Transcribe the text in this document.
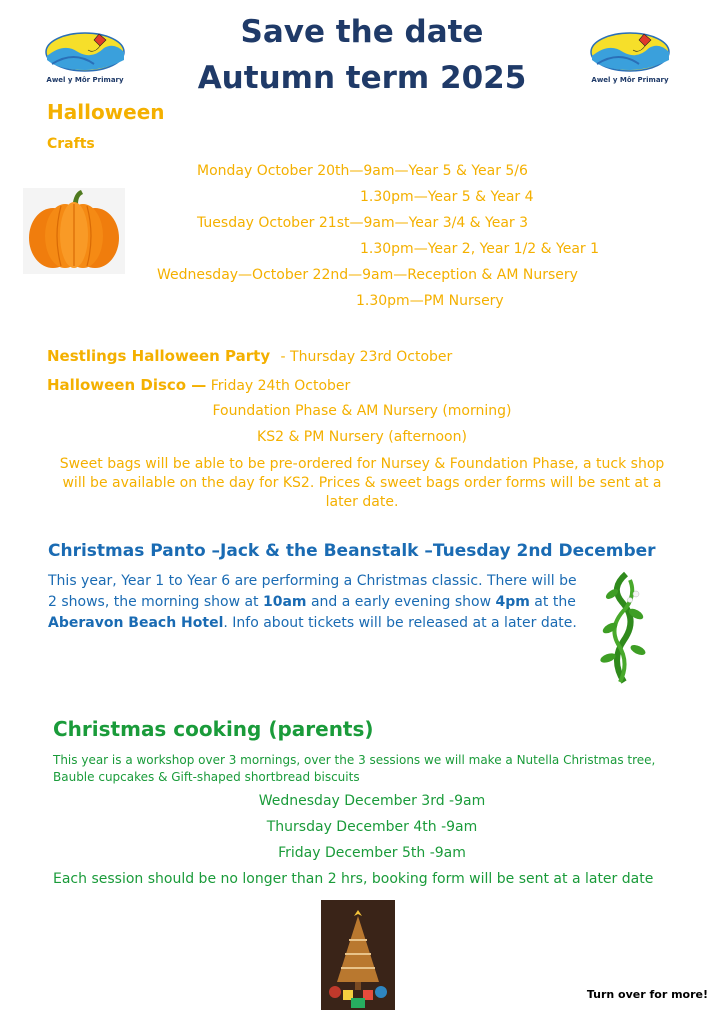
Save the date
Autumn term 2025
Awel y Môr Primary	Awel y Môr Primary
Halloween
Crafts
Monday October 20th—9am—Year 5 & Year 5/6
1.30pm—Year 5 & Year 4
Tuesday October 21st—9am—Year 3/4 & Year 3
1.30pm—Year 2, Year 1/2 & Year 1
Wednesday—October 22nd—9am—Reception & AM Nursery
1.30pm—PM Nursery
Nestlings Halloween Party - Thursday 23rd October
Halloween Disco — Friday 24th October
Foundation Phase & AM Nursery (morning)
KS2 & PM Nursery (afternoon)
Sweet bags will be able to be pre-ordered for Nursey & Foundation Phase, a tuck shop will be available on the day for KS2. Prices & sweet bags order forms will be sent at a later date.
Christmas Panto –Jack & the Beanstalk –Tuesday 2nd December
This year, Year 1 to Year 6 are performing a Christmas classic. There will be 2 shows, the morning show at 10am and a early evening show 4pm at the Aberavon Beach Hotel. Info about tickets will be released at a later date.
Christmas cooking (parents)
This year is a workshop over 3 mornings, over the 3 sessions we will make a Nutella Christmas tree, Bauble cupcakes & Gift-shaped shortbread biscuits
Wednesday December 3rd -9am
Thursday December 4th -9am
Friday December 5th -9am
Each session should be no longer than 2 hrs, booking form will be sent at a later date
Turn over for more!
